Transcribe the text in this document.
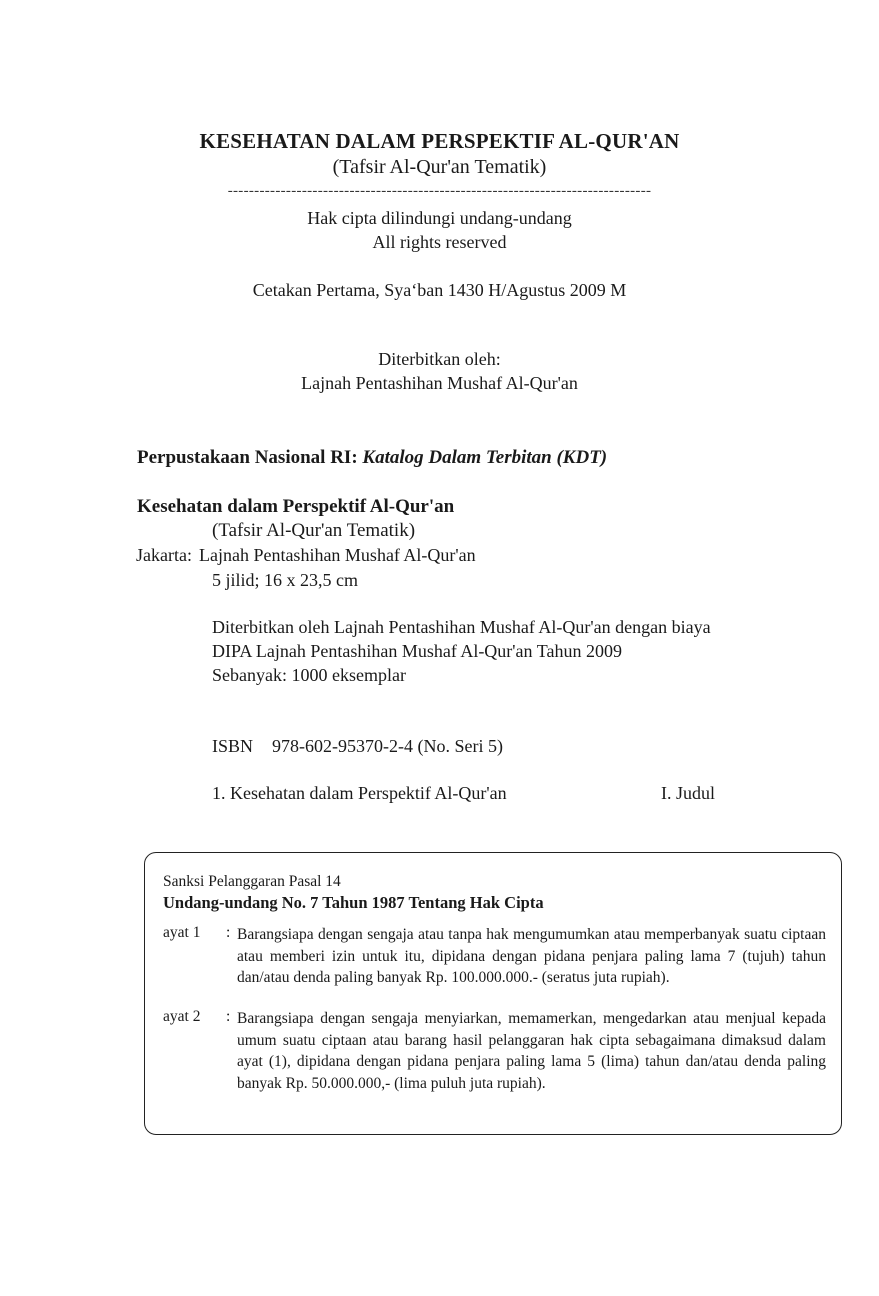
KESEHATAN DALAM PERSPEKTIF AL-QUR'AN
(Tafsir Al-Qur'an Tematik)
--------------------------------------------------------------------------------
Hak cipta dilindungi undang-undang
All rights reserved
Cetakan Pertama, Sya‘ban 1430 H/Agustus 2009 M
Diterbitkan oleh:
Lajnah Pentashihan Mushaf Al-Qur'an
Perpustakaan Nasional RI: Katalog Dalam Terbitan (KDT)
Kesehatan dalam Perspektif Al-Qur'an
(Tafsir Al-Qur'an Tematik)
Jakarta: Lajnah Pentashihan Mushaf Al-Qur'an
5 jilid; 16 x 23,5 cm
Diterbitkan oleh Lajnah Pentashihan Mushaf Al-Qur'an dengan biaya
DIPA Lajnah Pentashihan Mushaf Al-Qur'an Tahun 2009
Sebanyak: 1000 eksemplar
ISBN 978-602-95370-2-4 (No. Seri 5)
1. Kesehatan dalam Perspektif Al-Qur'an	I. Judul
Sanksi Pelanggaran Pasal 14
Undang-undang No. 7 Tahun 1987 Tentang Hak Cipta
ayat 1 : Barangsiapa dengan sengaja atau tanpa hak mengumumkan atau memperbanyak suatu ciptaan atau memberi izin untuk itu, dipidana dengan pidana penjara paling lama 7 (tujuh) tahun dan/atau denda paling banyak Rp. 100.000.000.- (seratus juta rupiah).
ayat 2 : Barangsiapa dengan sengaja menyiarkan, memamerkan, mengedarkan atau menjual kepada umum suatu ciptaan atau barang hasil pelanggaran hak cipta sebagaimana dimaksud dalam ayat (1), dipidana dengan pidana penjara paling lama 5 (lima) tahun dan/atau denda paling banyak Rp. 50.000.000,- (lima puluh juta rupiah).
